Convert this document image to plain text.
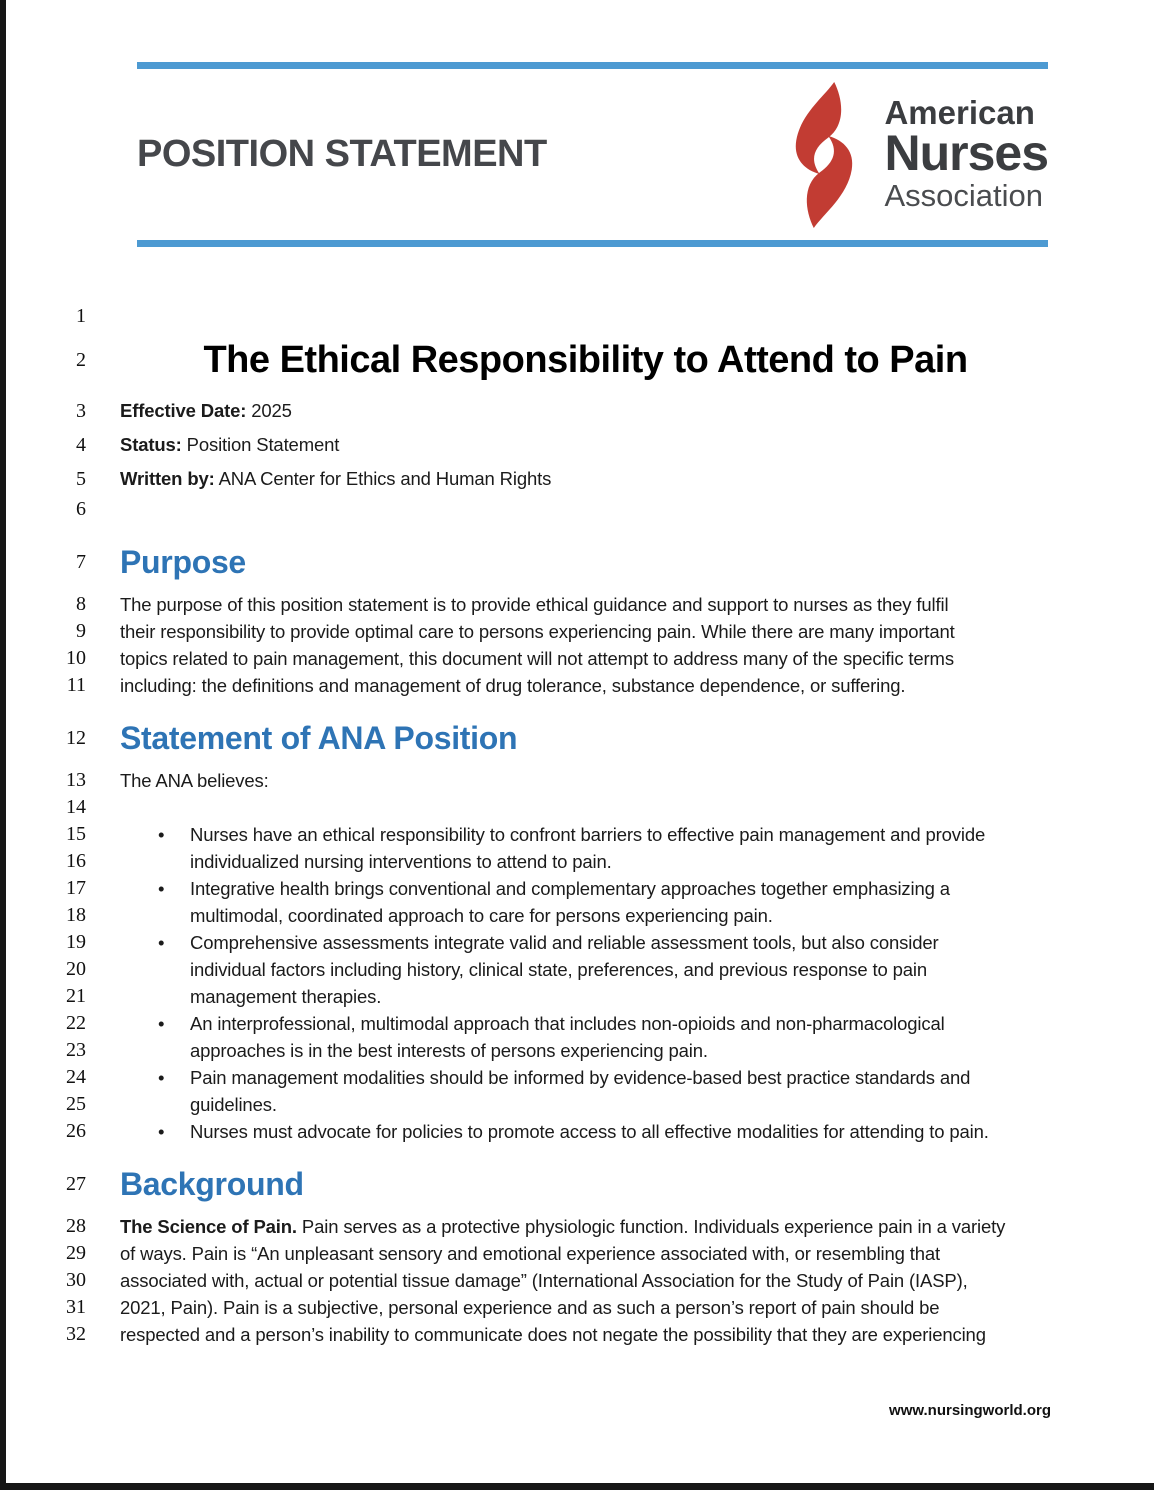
POSITION STATEMENT
American
Nurses
Association
1
2	The Ethical Responsibility to Attend to Pain
3 Effective Date: 2025
4 Status: Position Statement
5 Written by: ANA Center for Ethics and Human Rights
6
7 Purpose
8 The purpose of this position statement is to provide ethical guidance and support to nurses as they fulfil
9 their responsibility to provide optimal care to persons experiencing pain. While there are many important
10 topics related to pain management, this document will not attempt to address many of the specific terms
11 including: the definitions and management of drug tolerance, substance dependence, or suffering.
12 Statement of ANA Position
13 The ANA believes:
14
15	• Nurses have an ethical responsibility to confront barriers to effective pain management and provide
16	individualized nursing interventions to attend to pain.
17	• Integrative health brings conventional and complementary approaches together emphasizing a
18	multimodal, coordinated approach to care for persons experiencing pain.
19	• Comprehensive assessments integrate valid and reliable assessment tools, but also consider
20	individual factors including history, clinical state, preferences, and previous response to pain
21	management therapies.
22	• An interprofessional, multimodal approach that includes non-opioids and non-pharmacological
23	approaches is in the best interests of persons experiencing pain.
24	• Pain management modalities should be informed by evidence-based best practice standards and
25	guidelines.
26	• Nurses must advocate for policies to promote access to all effective modalities for attending to pain.
27 Background
28 The Science of Pain. Pain serves as a protective physiologic function. Individuals experience pain in a variety
29 of ways. Pain is “An unpleasant sensory and emotional experience associated with, or resembling that
30 associated with, actual or potential tissue damage” (International Association for the Study of Pain (IASP),
31 2021, Pain). Pain is a subjective, personal experience and as such a person’s report of pain should be
32 respected and a person’s inability to communicate does not negate the possibility that they are experiencing
www.nursingworld.org
